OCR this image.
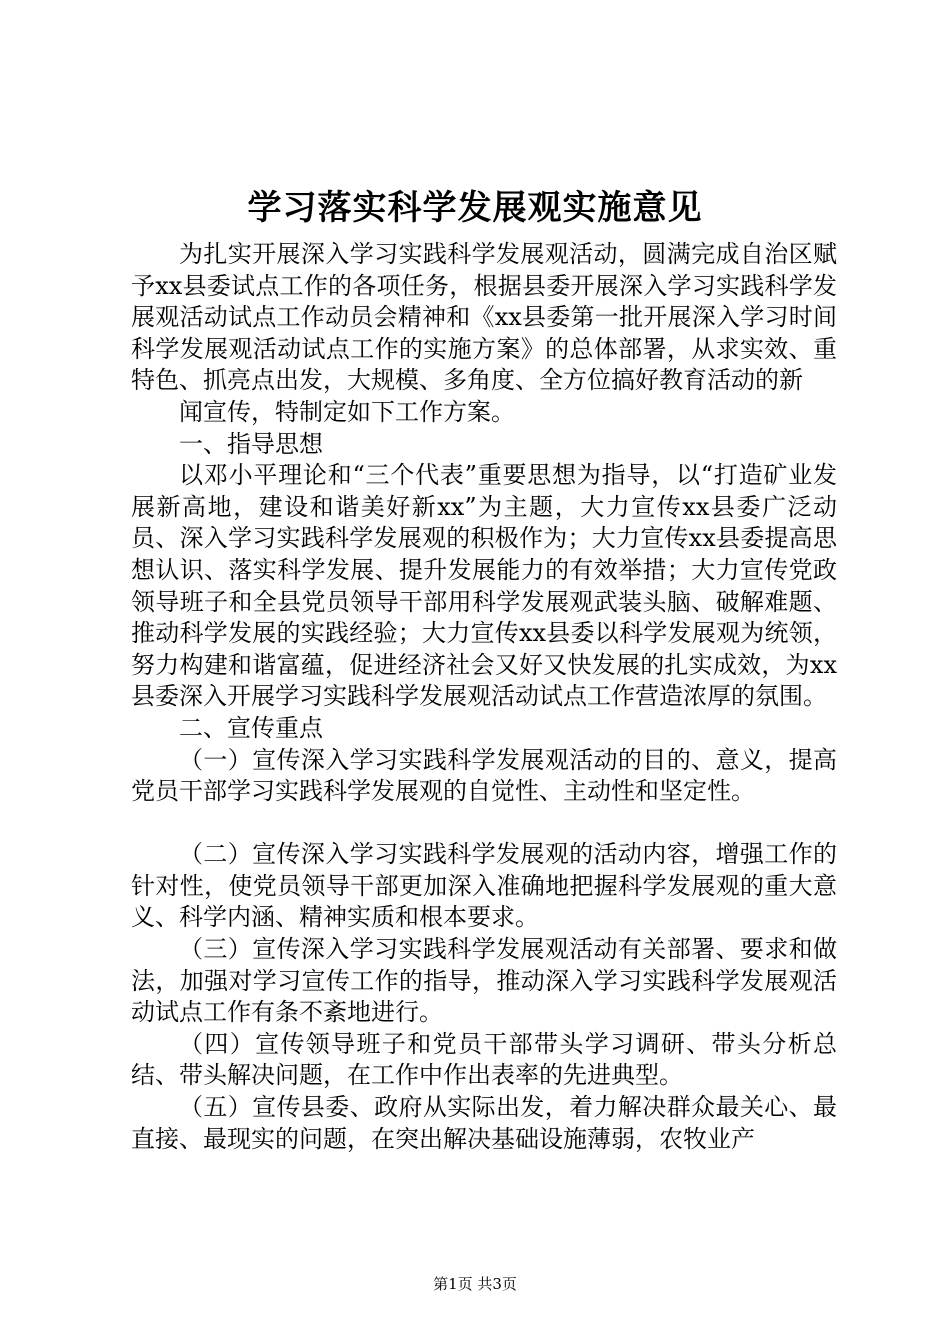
学习落实科学发展观实施意见

为扎实开展深入学习实践科学发展观活动，圆满完成自治区赋予xx县委试点工作的各项任务，根据县委开展深入学习实践科学发展观活动试点工作动员会精神和《xx县委第一批开展深入学习时间科学发展观活动试点工作的实施方案》的总体部署，从求实效、重特色、抓亮点出发，大规模、多角度、全方位搞好教育活动的新

闻宣传，特制定如下工作方案。

一、指导思想

以邓小平理论和“三个代表”重要思想为指导，以“打造矿业发展新高地，建设和谐美好新xx”为主题，大力宣传xx县委广泛动员、深入学习实践科学发展观的积极作为；大力宣传xx县委提高思想认识、落实科学发展、提升发展能力的有效举措；大力宣传党政领导班子和全县党员领导干部用科学发展观武装头脑、破解难题、推动科学发展的实践经验；大力宣传xx县委以科学发展观为统领，努力构建和谐富蕴，促进经济社会又好又快发展的扎实成效，为xx县委深入开展学习实践科学发展观活动试点工作营造浓厚的氛围。

二、宣传重点

（一）宣传深入学习实践科学发展观活动的目的、意义，提高党员干部学习实践科学发展观的自觉性、主动性和坚定性。

（二）宣传深入学习实践科学发展观的活动内容，增强工作的针对性，使党员领导干部更加深入准确地把握科学发展观的重大意义、科学内涵、精神实质和根本要求。

（三）宣传深入学习实践科学发展观活动有关部署、要求和做法，加强对学习宣传工作的指导，推动深入学习实践科学发展观活动试点工作有条不紊地进行。

（四）宣传领导班子和党员干部带头学习调研、带头分析总结、带头解决问题，在工作中作出表率的先进典型。

（五）宣传县委、政府从实际出发，着力解决群众最关心、最直接、最现实的问题，在突出解决基础设施薄弱，农牧业产

第1页 共3页
